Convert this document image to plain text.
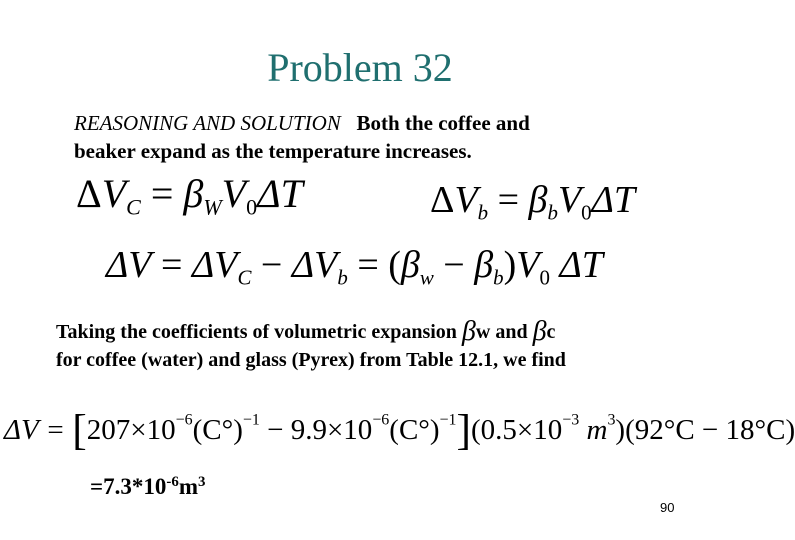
Problem 32
REASONING AND SOLUTION Both the coffee and
beaker expand as the temperature increases.
$\Delta V_C = \beta_WV_0\Delta T$	$\Delta V_b = \beta_bV_0\Delta T$
$\Delta V = \Delta V_C - \Delta V_b = (\beta_w - \beta_b)V_0$ ΔT
Taking the coefficients of volumetric expansion βw and βc
for coffee (water) and glass (Pyrex) from Table 12.1, we find
$\Delta V = [207\times 10^{-6}(C^\circ)^{-1} - 9.9\times 10^{-6}(C^\circ)^{-1}](0.5\times 10^{-3}$ $m^3)(92^\circ C - 18^\circ C)$
$=7.3*10^{-6}m^3$
90
